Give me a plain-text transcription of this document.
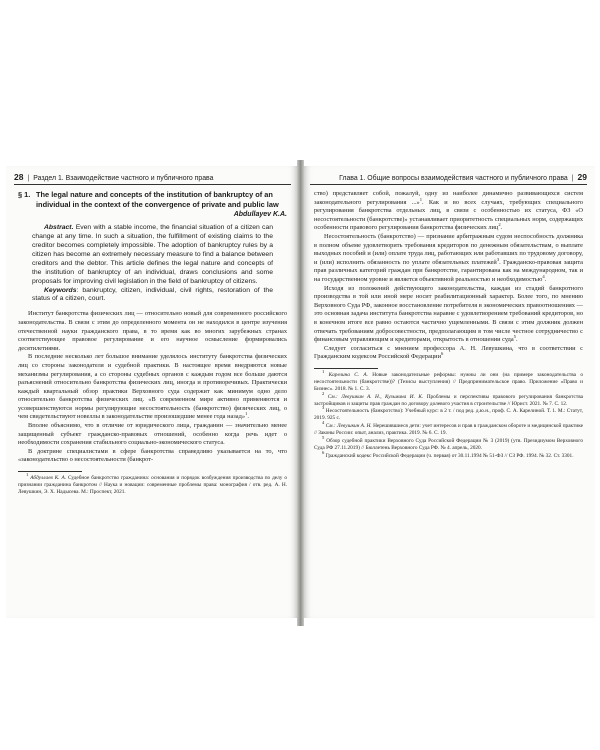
28 | Раздел 1. Взаимодействие частного и публичного права
§ 1. The legal nature and concepts of the institution of bankruptcy of an individual in the context of the convergence of private and public law
Abdullayev K.A.
Abstract. Even with a stable income, the financial situation of a citizen can change at any time. In such a situation, the fulfillment of existing claims to the creditor becomes completely impossible. The adoption of bankruptcy rules by a citizen has become an extremely necessary measure to find a balance between creditors and the debtor. This article defines the legal nature and concepts of the institution of bankruptcy of an individual, draws conclusions and some proposals for improving civil legislation in the field of bankruptcy of citizens.
Keywords: bankruptcy, citizen, individual, civil rights, restoration of the status of a citizen, court.

Институт банкротства физических лиц — относительно новый для современного российского законодательства. В связи с этим до определенного момента он не находился в центре изучения отечественной науки гражданского права, в то время как во многих зарубежных странах соответствующее правовое регулирование и его научное осмысление формировались десятилетиями.

В последние несколько лет большое внимание уделялось институту банкротства физических лиц со стороны законодателя и судебной практики. В настоящее время внедряются новые механизмы регулирования, а со стороны судебных органов с каждым годом все больше даются разъяснений относительно банкротства физических лиц, иногда и противоречивых. Практически каждый квартальный обзор практики Верховного суда содержит как минимум одно дело относительно банкротства физических лиц. «В современном мире активно применяются и усовершенствуются нормы регулирующие несостоятельность (банкротство) физических лиц, о чем свидетельствуют новеллы в законодательстве произошедшие менее года назад»$^1$.

Вполне объяснимо, что в отличие от юридического лица, гражданин — значительно менее защищенный субъект гражданско-правовых отношений, особенно когда речь идет о необходимости сохранения стабильного социально-экономического статуса.

В доктрине специалистами в сфере банкротства справедливо указывается на то, что «законодательство о несостоятельности (банкрот-

$^1$ Абдуллаев К. А. Судебное банкротство гражданина: основания и порядок возбуждения производства по делу о признании гражданина банкротом // Наука и новации: современные проблемы права: монография / отв. ред. А. Н. Левушкин, Э. Х. Надысева. М.: Проспект, 2021.

Глава 1. Общие вопросы взаимодействия частного и публичного права | 29

ство) представляет собой, пожалуй, одну из наиболее динамично развивающихся систем законодательного регулирования ...»$^1$. Как и во всех случаях, требующих специального регулирования банкротства отдельных лиц, в связи с особенностью их статуса, ФЗ «О несостоятельности (банкротстве)» устанавливает приоритетность специальных норм, содержащих особенности правового регулирования банкротства физических лиц$^2$.

Несостоятельность (банкротство) — признание арбитражным судом неспособность должника в полном объеме удовлетворить требования кредиторов по денежным обязательствам, о выплате выходных пособий и (или) оплате труда лиц, работающих или работавших по трудовому договору, и (или) исполнить обязанность по уплате обязательных платежей$^3$. Гражданско-правовая защита прав различных категорий граждан при банкротстве, гарантирована как на международном, так и на государственном уровне и является объективной реальностью и необходимостью$^4$.

Исходя из положений действующего законодательства, каждая из стадий банкротного производства в той или иной мере носит реабилитационный характер. Более того, по мнению Верховного Суда РФ, законное восстановление потребителя в экономических правоотношениях — это основная задача института банкротства наравне с удовлетворением требований кредиторов, но в конечном итоге все равно остаются частично ущемленными. В связи с этим должник должен отвечать требованиям добросовестности, предполагающим в том числе честное сотрудничество с финансовым управляющим и кредиторами, открытость в отношении суда$^5$.

Следует согласиться с мнением профессора А. Н. Левушкина, что в соответствии с Гражданским кодексом Российской Федерации$^6$

$^1$ Карелина С. А. Новые законодательные реформы: нужны ли они (на примере законодательства о несостоятельности (банкротстве))? (Тезисы выступления) // Предпринимательское право. Приложение «Право и Бизнес». 2018. № 1. С. 3.

$^2$ См.: Левушкин А. Н., Кузьмина И. К. Проблемы и перспективы правового регулирования банкротства застройщиков и защиты прав граждан по договору долевого участия в строительстве // Юрист. 2021. № 7. С. 12.

$^3$ Несостоятельность (банкротство): Учебный курс: в 2 т. / под ред. д.ю.н., проф. С. А. Карелиной. Т. 1. М.: Статут, 2019. 925 с.

$^4$ См.: Левушкин А. Н. Нерешившиеся дети: учет интересов и прав в гражданском обороте и медицинской практике // Законы России: опыт, анализ, практика. 2019. № 6. С. 19.

$^5$ Обзор судебной практики Верховного Суда Российской Федерации № 3 (2019) (утв. Президиумом Верховного Суда РФ 27.11.2019) // Бюллетень Верховного Суда РФ. № 4. апрель, 2020.

$^6$ Гражданский кодекс Российской Федерации (ч. первая) от 30.11.1994 № 51-ФЗ // СЗ РФ. 1994. № 32. Ст. 3301.
